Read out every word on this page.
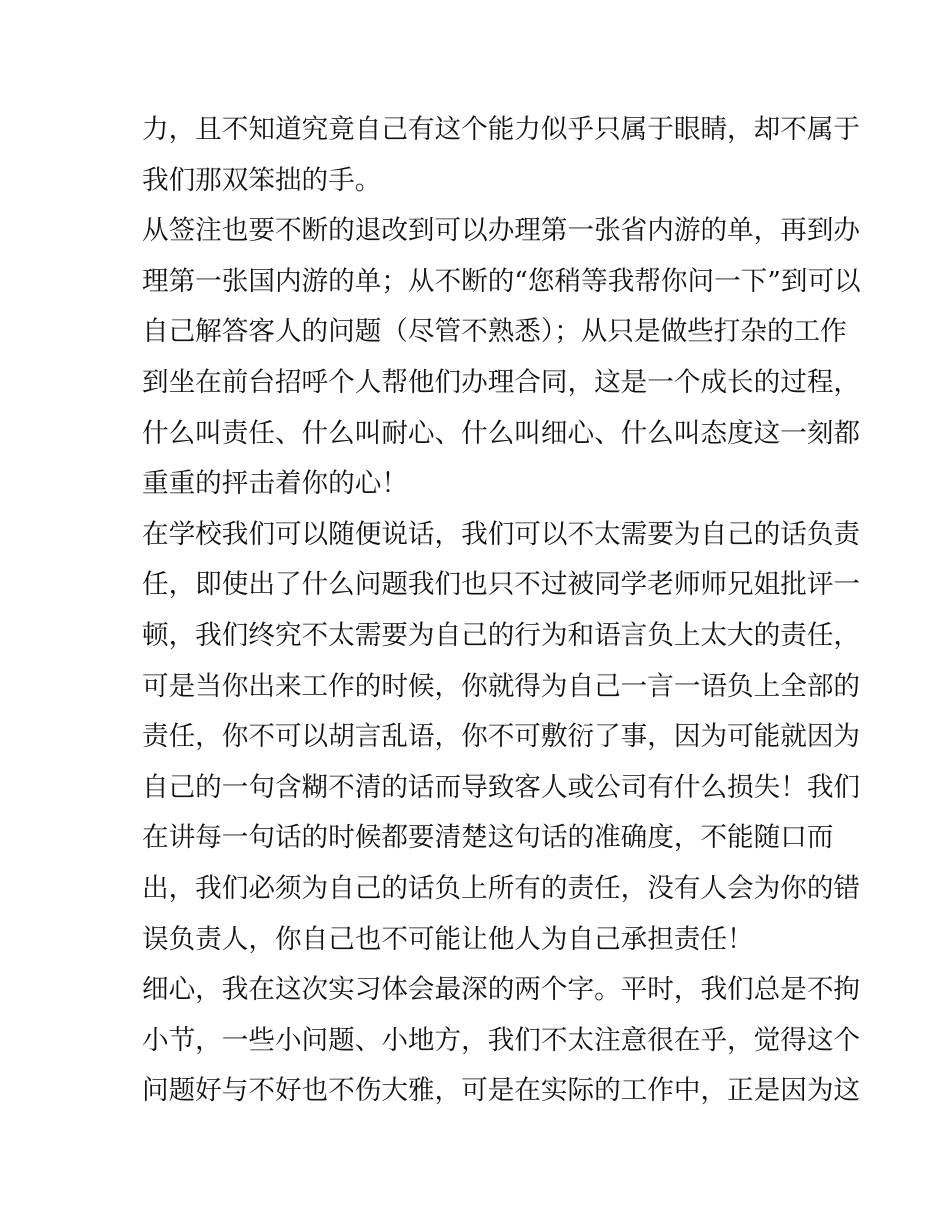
力，且不知道究竟自己有这个能力似乎只属于眼睛，却不属于
我们那双笨拙的手。
从签注也要不断的退改到可以办理第一张省内游的单，再到办
理第一张国内游的单；从不断的“您稍等我帮你问一下”到可以
自己解答客人的问题（尽管不熟悉）；从只是做些打杂的工作
到坐在前台招呼个人帮他们办理合同，这是一个成长的过程，
什么叫责任、什么叫耐心、什么叫细心、什么叫态度这一刻都
重重的抨击着你的心！
在学校我们可以随便说话，我们可以不太需要为自己的话负责
任，即使出了什么问题我们也只不过被同学老师师兄姐批评一
顿，我们终究不太需要为自己的行为和语言负上太大的责任，
可是当你出来工作的时候，你就得为自己一言一语负上全部的
责任，你不可以胡言乱语，你不可敷衍了事，因为可能就因为
自己的一句含糊不清的话而导致客人或公司有什么损失！我们
在讲每一句话的时候都要清楚这句话的准确度，不能随口而
出，我们必须为自己的话负上所有的责任，没有人会为你的错
误负责人，你自己也不可能让他人为自己承担责任！
细心，我在这次实习体会最深的两个字。平时，我们总是不拘
小节，一些小问题、小地方，我们不太注意很在乎，觉得这个
问题好与不好也不伤大雅，可是在实际的工作中，正是因为这
